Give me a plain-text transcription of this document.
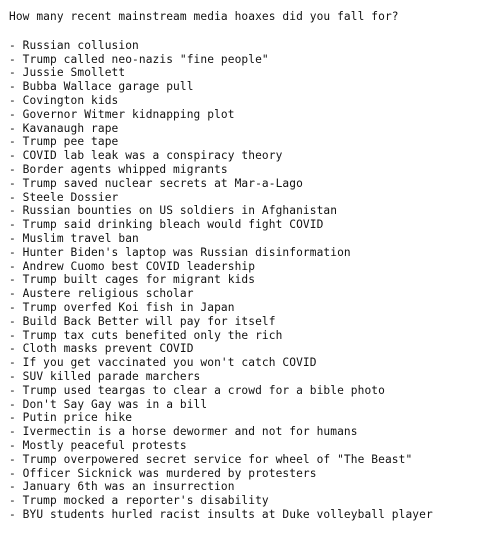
How many recent mainstream media hoaxes did you fall for?
- Russian collusion
- Trump called neo-nazis "fine people"
- Jussie Smollett
- Bubba Wallace garage pull
- Covington kids
- Governor Witmer kidnapping plot
- Kavanaugh rape
- Trump pee tape
- COVID lab leak was a conspiracy theory
- Border agents whipped migrants
- Trump saved nuclear secrets at Mar-a-Lago
- Steele Dossier
- Russian bounties on US soldiers in Afghanistan
- Trump said drinking bleach would fight COVID
- Muslim travel ban
- Hunter Biden's laptop was Russian disinformation
- Andrew Cuomo best COVID leadership
- Trump built cages for migrant kids
- Austere religious scholar
- Trump overfed Koi fish in Japan
- Build Back Better will pay for itself
- Trump tax cuts benefited only the rich
- Cloth masks prevent COVID
- If you get vaccinated you won't catch COVID
- SUV killed parade marchers
- Trump used teargas to clear a crowd for a bible photo
- Don't Say Gay was in a bill
- Putin price hike
- Ivermectin is a horse dewormer and not for humans
- Mostly peaceful protests
- Trump overpowered secret service for wheel of "The Beast"
- Officer Sicknick was murdered by protesters
- January 6th was an insurrection
- Trump mocked a reporter's disability
- BYU students hurled racist insults at Duke volleyball player
